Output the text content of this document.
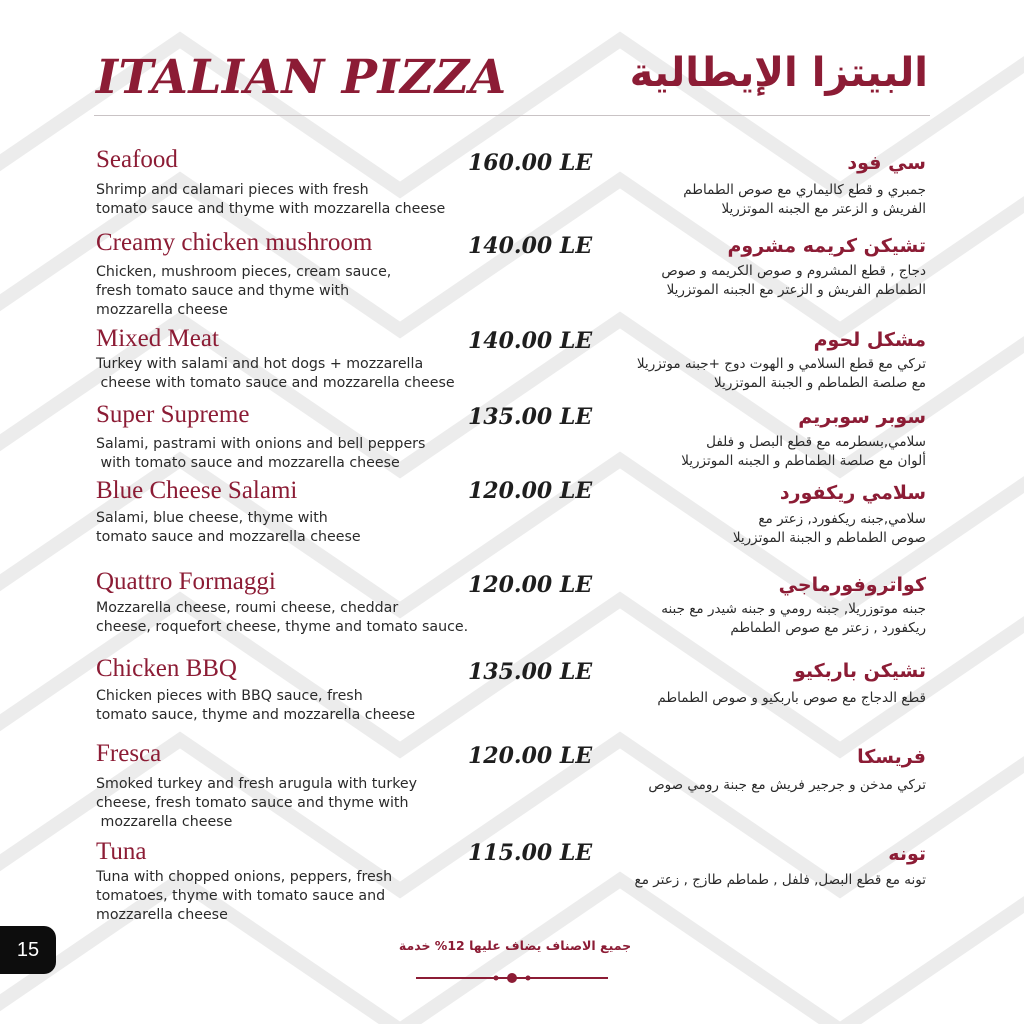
ITALIAN PIZZA	البيتزا الإيطالية
Seafood	160.00 LE
Shrimp and calamari pieces with fresh
tomato sauce and thyme with mozzarella cheese
سي فود
جمبري و قطع كاليماري مع صوص الطماطم
الفريش و الزعتر مع الجبنه الموتزريلا
Creamy chicken mushroom	140.00 LE
Chicken, mushroom pieces, cream sauce,
fresh tomato sauce and thyme with
mozzarella cheese
تشيكن كريمه مشروم
دجاج , قطع المشروم و صوص الكريمه و صوص
الطماطم الفريش و الزعتر مع الجبنه الموتزريلا
Mixed Meat	140.00 LE
Turkey with salami and hot dogs + mozzarella
cheese with tomato sauce and mozzarella cheese
مشكل لحوم
تركي مع قطع السلامي و الهوت دوج +جبنه موتزريلا
مع صلصة الطماطم و الجبنة الموتزريلا
Super Supreme	135.00 LE
Salami, pastrami with onions and bell peppers
with tomato sauce and mozzarella cheese
سوبر سوبريم
سلامي,بسطرمه مع قطع البصل و فلفل
ألوان مع صلصة الطماطم و الجبنه الموتزريلا
Blue Cheese Salami	120.00 LE
Salami, blue cheese, thyme with
tomato sauce and mozzarella cheese
سلامي ريكفورد
سلامي,جبنه ريكفورد, زعتر مع
صوص الطماطم و الجبنة الموتزريلا
Quattro Formaggi	120.00 LE
Mozzarella cheese, roumi cheese, cheddar
cheese, roquefort cheese, thyme and tomato sauce.
كواتروفورماجي
جبنه موتوزريلا, جبنه رومي و جبنه شيدر مع جبنه
ريكفورد , زعتر مع صوص الطماطم
Chicken BBQ	135.00 LE
Chicken pieces with BBQ sauce, fresh
tomato sauce, thyme and mozzarella cheese
تشيكن باربكيو
قطع الدجاج مع صوص باربكيو و صوص الطماطم
Fresca	120.00 LE
Smoked turkey and fresh arugula with turkey
cheese, fresh tomato sauce and thyme with
mozzarella cheese
فريسكا
تركي مدخن و جرجير فريش مع جبنة رومي صوص
Tuna	115.00 LE
Tuna with chopped onions, peppers, fresh
tomatoes, thyme with tomato sauce and
mozzarella cheese
تونه
تونه مع قطع البصل, فلفل , طماطم طازج , زعتر مع
15	جميع الاصناف يضاف عليها 12% خدمة
